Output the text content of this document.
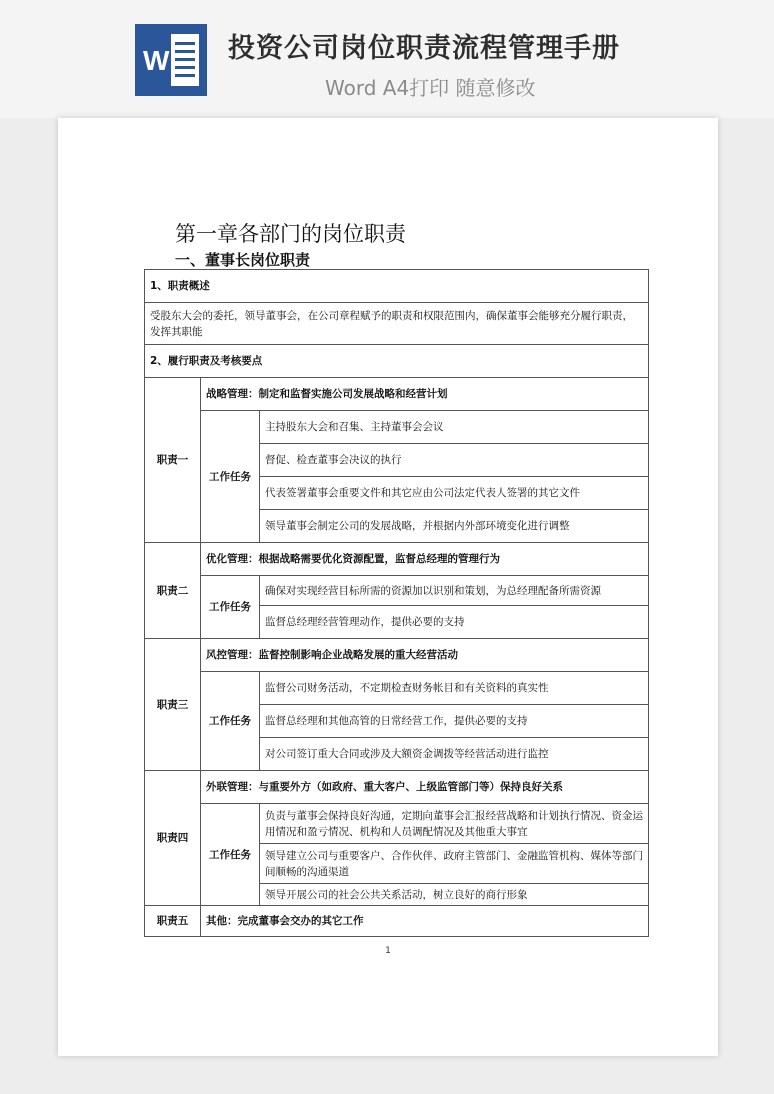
W 投资公司岗位职责流程管理手册
Word A4打印 随意修改
第一章各部门的岗位职责
一、董事长岗位职责
1、职责概述		
受股东大会的委托，领导董事会，在公司章程赋予的职责和权限范围内，确保董事会能够充分履行职责，发挥其职能		
2、履行职责及考核要点		
职责一	战略管理：制定和监督实施公司发展战略和经营计划	
	工作任务	主持股东大会和召集、主持董事会会议
		督促、检查董事会决议的执行
		代表签署董事会重要文件和其它应由公司法定代表人签署的其它文件
		领导董事会制定公司的发展战略，并根据内外部环境变化进行调整
职责二	优化管理：根据战略需要优化资源配置，监督总经理的管理行为	
	工作任务	确保对实现经营目标所需的资源加以识别和策划，为总经理配备所需资源
		监督总经理经营管理动作，提供必要的支持
职责三	风控管理：监督控制影响企业战略发展的重大经营活动	
	工作任务	监督公司财务活动，不定期检查财务帐目和有关资料的真实性
		监督总经理和其他高管的日常经营工作，提供必要的支持
		对公司签订重大合同或涉及大额资金调拨等经营活动进行监控
职责四	外联管理：与重要外方（如政府、重大客户、上级监管部门等）保持良好关系	
	工作任务	负责与董事会保持良好沟通，定期向董事会汇报经营战略和计划执行情况、资金运用情况和盈亏情况、机构和人员调配情况及其他重大事宜
		领导建立公司与重要客户、合作伙伴、政府主管部门、金融监管机构、媒体等部门间顺畅的沟通渠道
		领导开展公司的社会公共关系活动，树立良好的商行形象
职责五	其他：完成董事会交办的其它工作	
1
